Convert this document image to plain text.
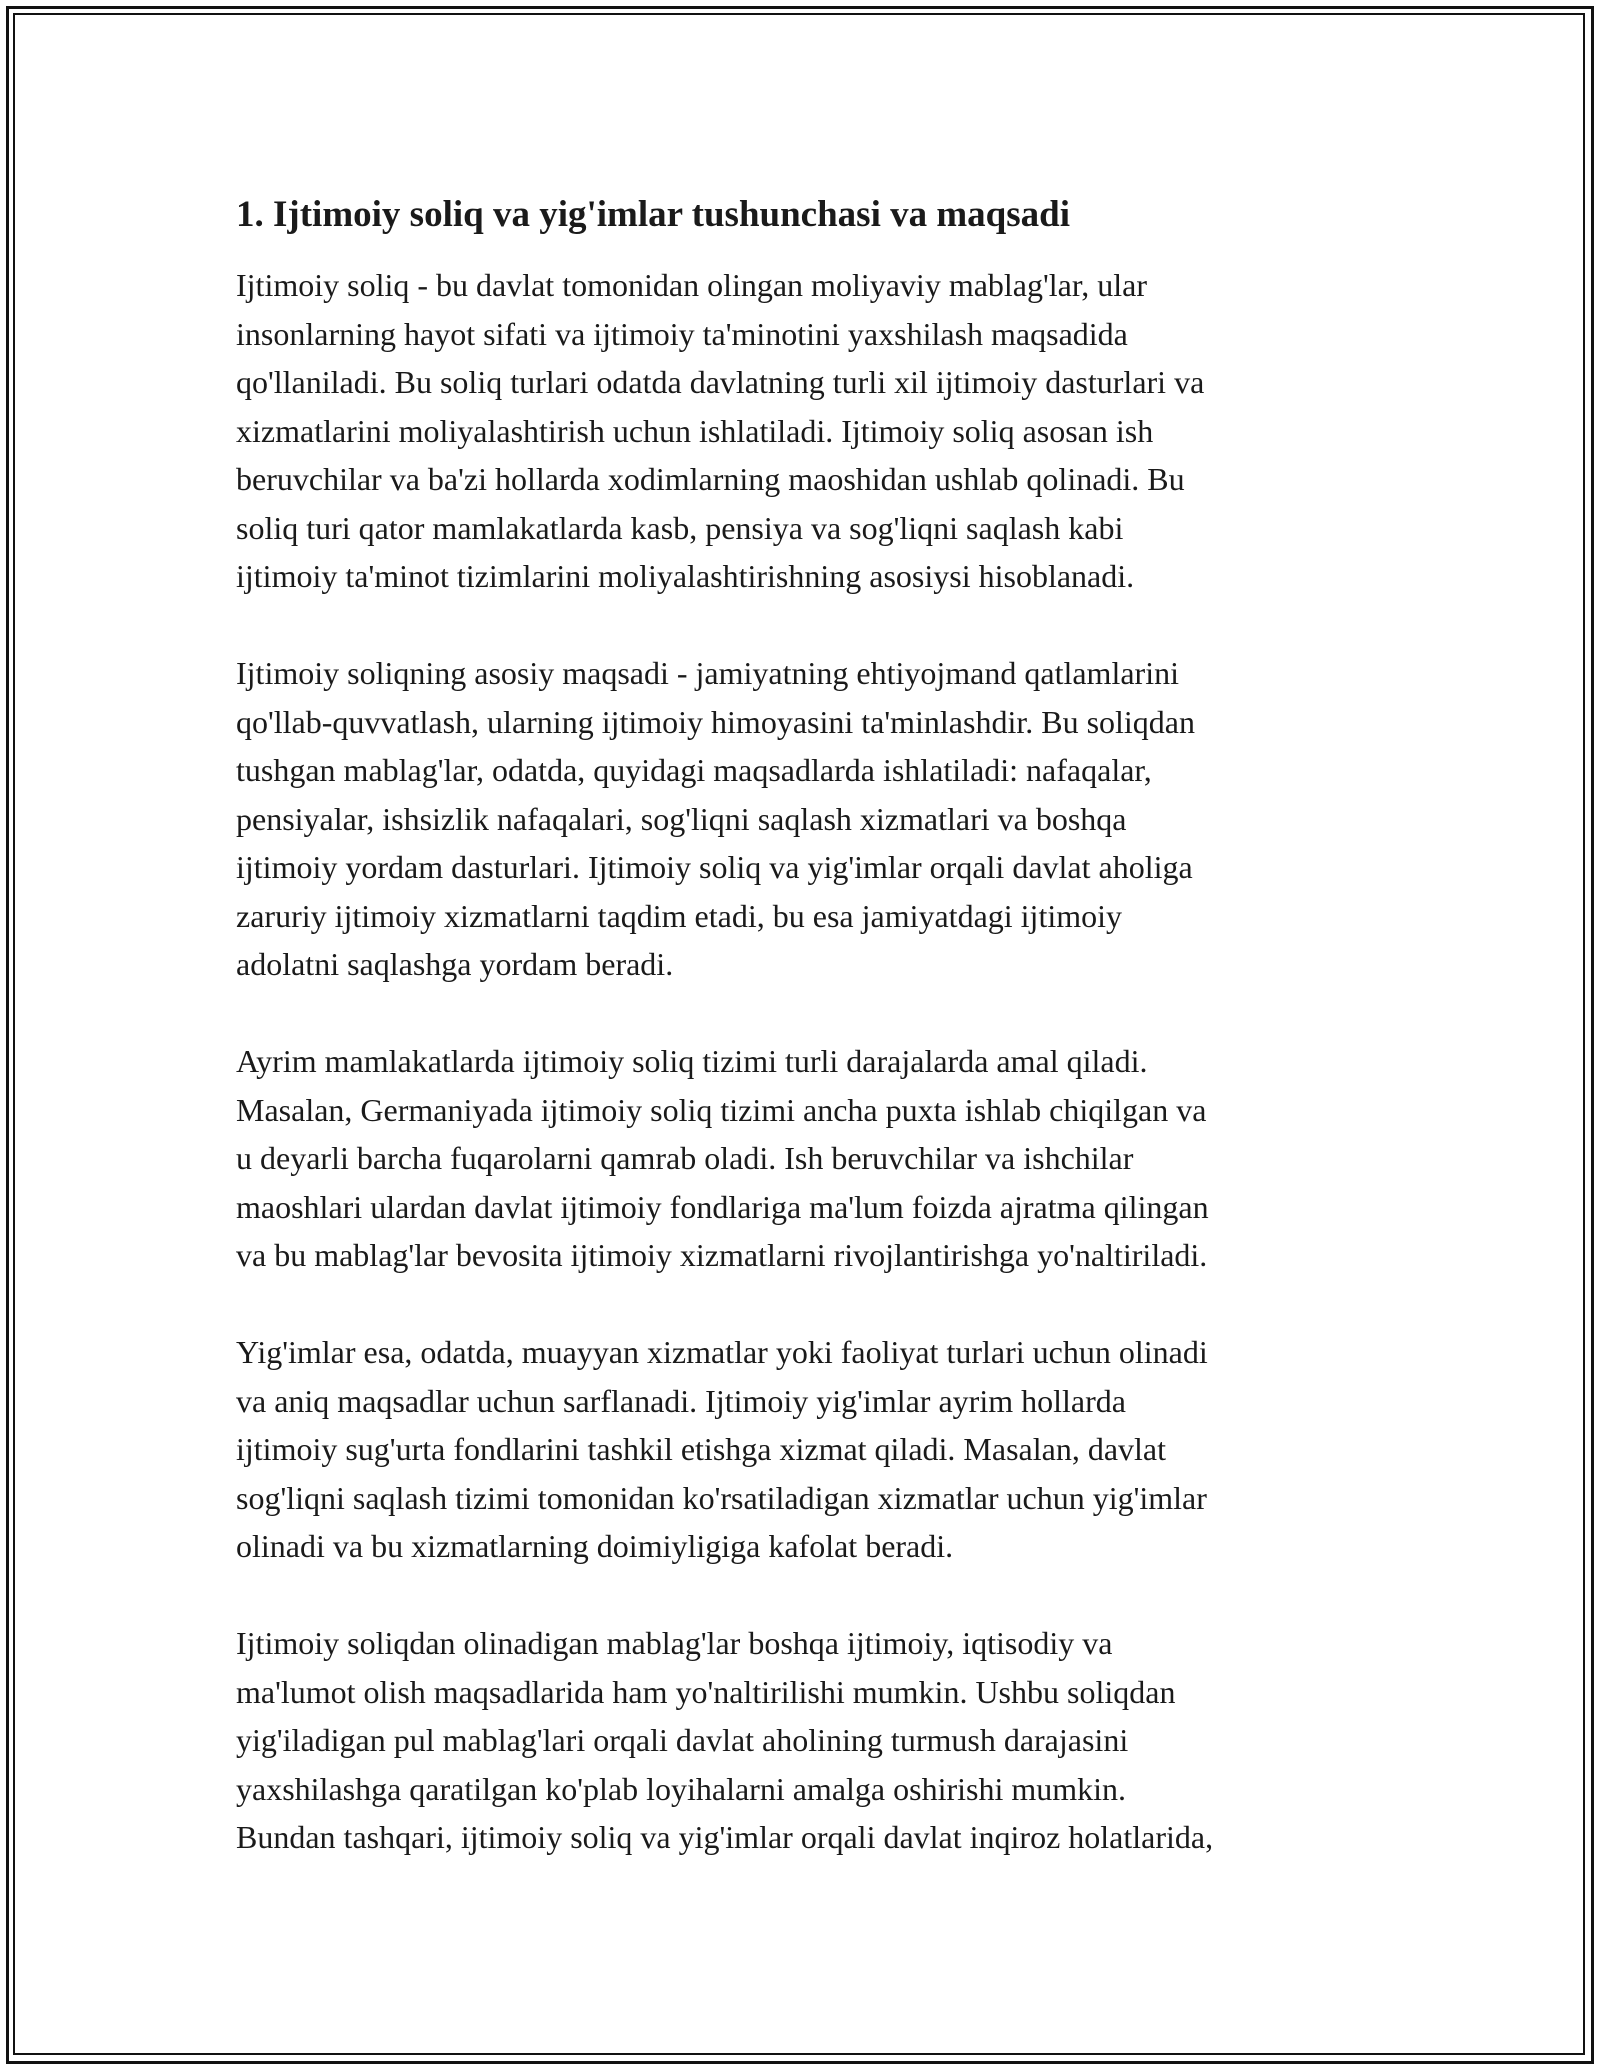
1. Ijtimoiy soliq va yig'imlar tushunchasi va maqsadi

Ijtimoiy soliq - bu davlat tomonidan olingan moliyaviy mablag'lar, ular
insonlarning hayot sifati va ijtimoiy ta'minotini yaxshilash maqsadida
qo'llaniladi. Bu soliq turlari odatda davlatning turli xil ijtimoiy dasturlari va
xizmatlarini moliyalashtirish uchun ishlatiladi. Ijtimoiy soliq asosan ish
beruvchilar va ba'zi hollarda xodimlarning maoshidan ushlab qolinadi. Bu
soliq turi qator mamlakatlarda kasb, pensiya va sog'liqni saqlash kabi
ijtimoiy ta'minot tizimlarini moliyalashtirishning asosiysi hisoblanadi.

Ijtimoiy soliqning asosiy maqsadi - jamiyatning ehtiyojmand qatlamlarini
qo'llab-quvvatlash, ularning ijtimoiy himoyasini ta'minlashdir. Bu soliqdan
tushgan mablag'lar, odatda, quyidagi maqsadlarda ishlatiladi: nafaqalar,
pensiyalar, ishsizlik nafaqalari, sog'liqni saqlash xizmatlari va boshqa
ijtimoiy yordam dasturlari. Ijtimoiy soliq va yig'imlar orqali davlat aholiga
zaruriy ijtimoiy xizmatlarni taqdim etadi, bu esa jamiyatdagi ijtimoiy
adolatni saqlashga yordam beradi.

Ayrim mamlakatlarda ijtimoiy soliq tizimi turli darajalarda amal qiladi.
Masalan, Germaniyada ijtimoiy soliq tizimi ancha puxta ishlab chiqilgan va
u deyarli barcha fuqarolarni qamrab oladi. Ish beruvchilar va ishchilar
maoshlari ulardan davlat ijtimoiy fondlariga ma'lum foizda ajratma qilingan
va bu mablag'lar bevosita ijtimoiy xizmatlarni rivojlantirishga yo'naltiriladi.

Yig'imlar esa, odatda, muayyan xizmatlar yoki faoliyat turlari uchun olinadi
va aniq maqsadlar uchun sarflanadi. Ijtimoiy yig'imlar ayrim hollarda
ijtimoiy sug'urta fondlarini tashkil etishga xizmat qiladi. Masalan, davlat
sog'liqni saqlash tizimi tomonidan ko'rsatiladigan xizmatlar uchun yig'imlar
olinadi va bu xizmatlarning doimiyligiga kafolat beradi.

Ijtimoiy soliqdan olinadigan mablag'lar boshqa ijtimoiy, iqtisodiy va
ma'lumot olish maqsadlarida ham yo'naltirilishi mumkin. Ushbu soliqdan
yig'iladigan pul mablag'lari orqali davlat aholining turmush darajasini
yaxshilashga qaratilgan ko'plab loyihalarni amalga oshirishi mumkin.
Bundan tashqari, ijtimoiy soliq va yig'imlar orqali davlat inqiroz holatlarida,
